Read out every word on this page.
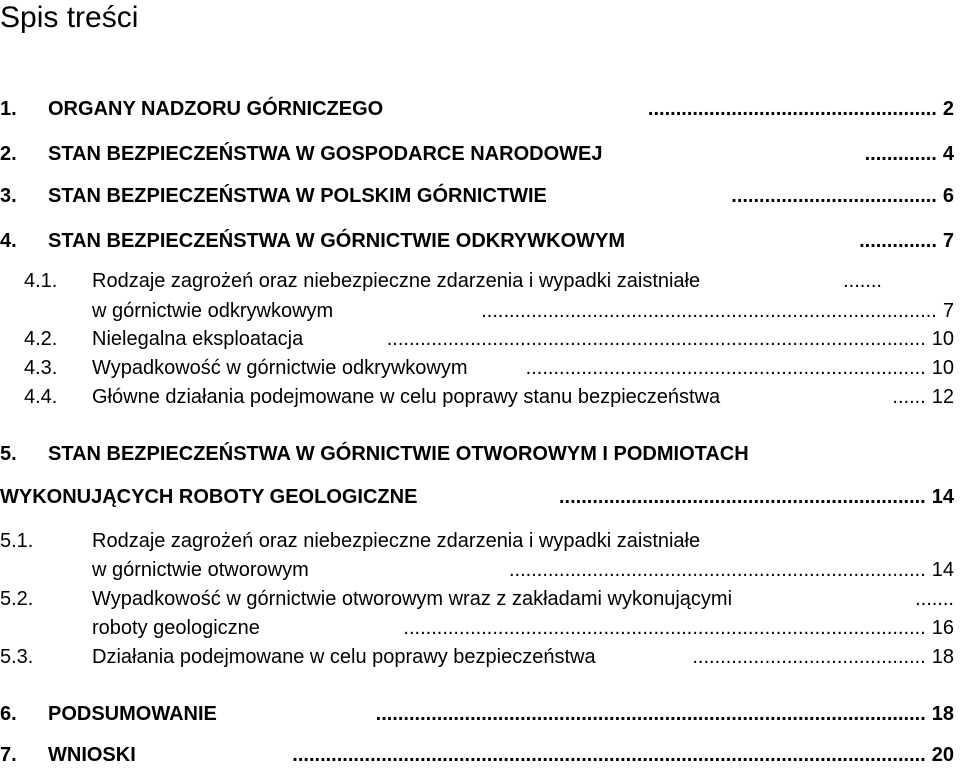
Spis treści
1. ORGANY NADZORU GÓRNICZEGO	.................................................... 2
2. STAN BEZPIECZEŃSTWA W GOSPODARCE NARODOWEJ	............. 4
3. STAN BEZPIECZEŃSTWA W POLSKIM GÓRNICTWIE	..................................... 6
4. STAN BEZPIECZEŃSTWA W GÓRNICTWIE ODKRYWKOWYM	.............. 7
4.1. Rodzaje zagrożeń oraz niebezpieczne zdarzenia i wypadki zaistniałe	.......
w górnictwie odkrywkowym	.................................................................................. 7
4.2. Nielegalna eksploatacja	................................................................................................. 10
4.3. Wypadkowość w górnictwie odkrywkowym	........................................................................ 10
4.4. Główne działania podejmowane w celu poprawy stanu bezpieczeństwa	...... 12
5. STAN BEZPIECZEŃSTWA W GÓRNICTWIE OTWOROWYM I PODMIOTACH
WYKONUJĄCYCH ROBOTY GEOLOGICZNE	.................................................................. 14
5.1.	Rodzaje zagrożeń oraz niebezpieczne zdarzenia i wypadki zaistniałe
w górnictwie otworowym	........................................................................... 14
5.2.	Wypadkowość w górnictwie otworowym wraz z zakładami wykonującymi	.......
roboty geologiczne	.............................................................................................. 16
5.3.	Działania podejmowane w celu poprawy bezpieczeństwa	.......................................... 18
6. PODSUMOWANIE	................................................................................................... 18
7. WNIOSKI	.................................................................................................................. 20
